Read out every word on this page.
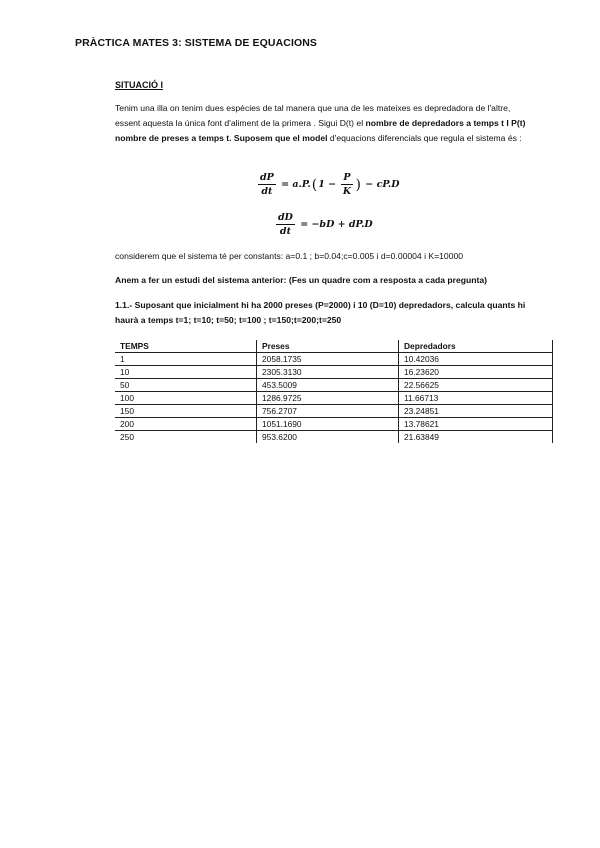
PRÀCTICA MATES 3: SISTEMA DE EQUACIONS
SITUACIÓ I
Tenim una illa on tenim dues espècies de tal manera que una de les mateixes es depredadora de l'altre, essent aquesta la única font d'aliment de la primera . Sigui D(t) el nombre de depredadors a temps t I P(t) nombre de preses a temps t. Suposem que el model d'equacions diferencials que regula el sistema és :
$\frac{dP}{dt} = a.P$. ( $1 - \frac{P}{K}$ ) − cP.D
$\frac{dD}{dt} = -bD + dP.D$
considerem que el sistema té per constants: a=0.1 ; b=0.04;c=0.005 i d=0.00004 i K=10000
Anem a fer un estudi del sistema anterior: (Fes un quadre com a resposta a cada pregunta)
1.1.- Suposant que inicialment hi ha 2000 preses (P=2000) i 10 (D=10) depredadors, calcula quants hi haurà a temps t=1; t=10; t=50; t=100 ; t=150;t=200;t=250
TEMPS	Preses	Depredadors
1	2058.1735	10.42036
10	2305.3130	16.23620
50	453.5009	22.56625
100	1286.9725	11.66713
150	756.2707	23.24851
200	1051.1690	13.78621
250	953.6200	21.63849
